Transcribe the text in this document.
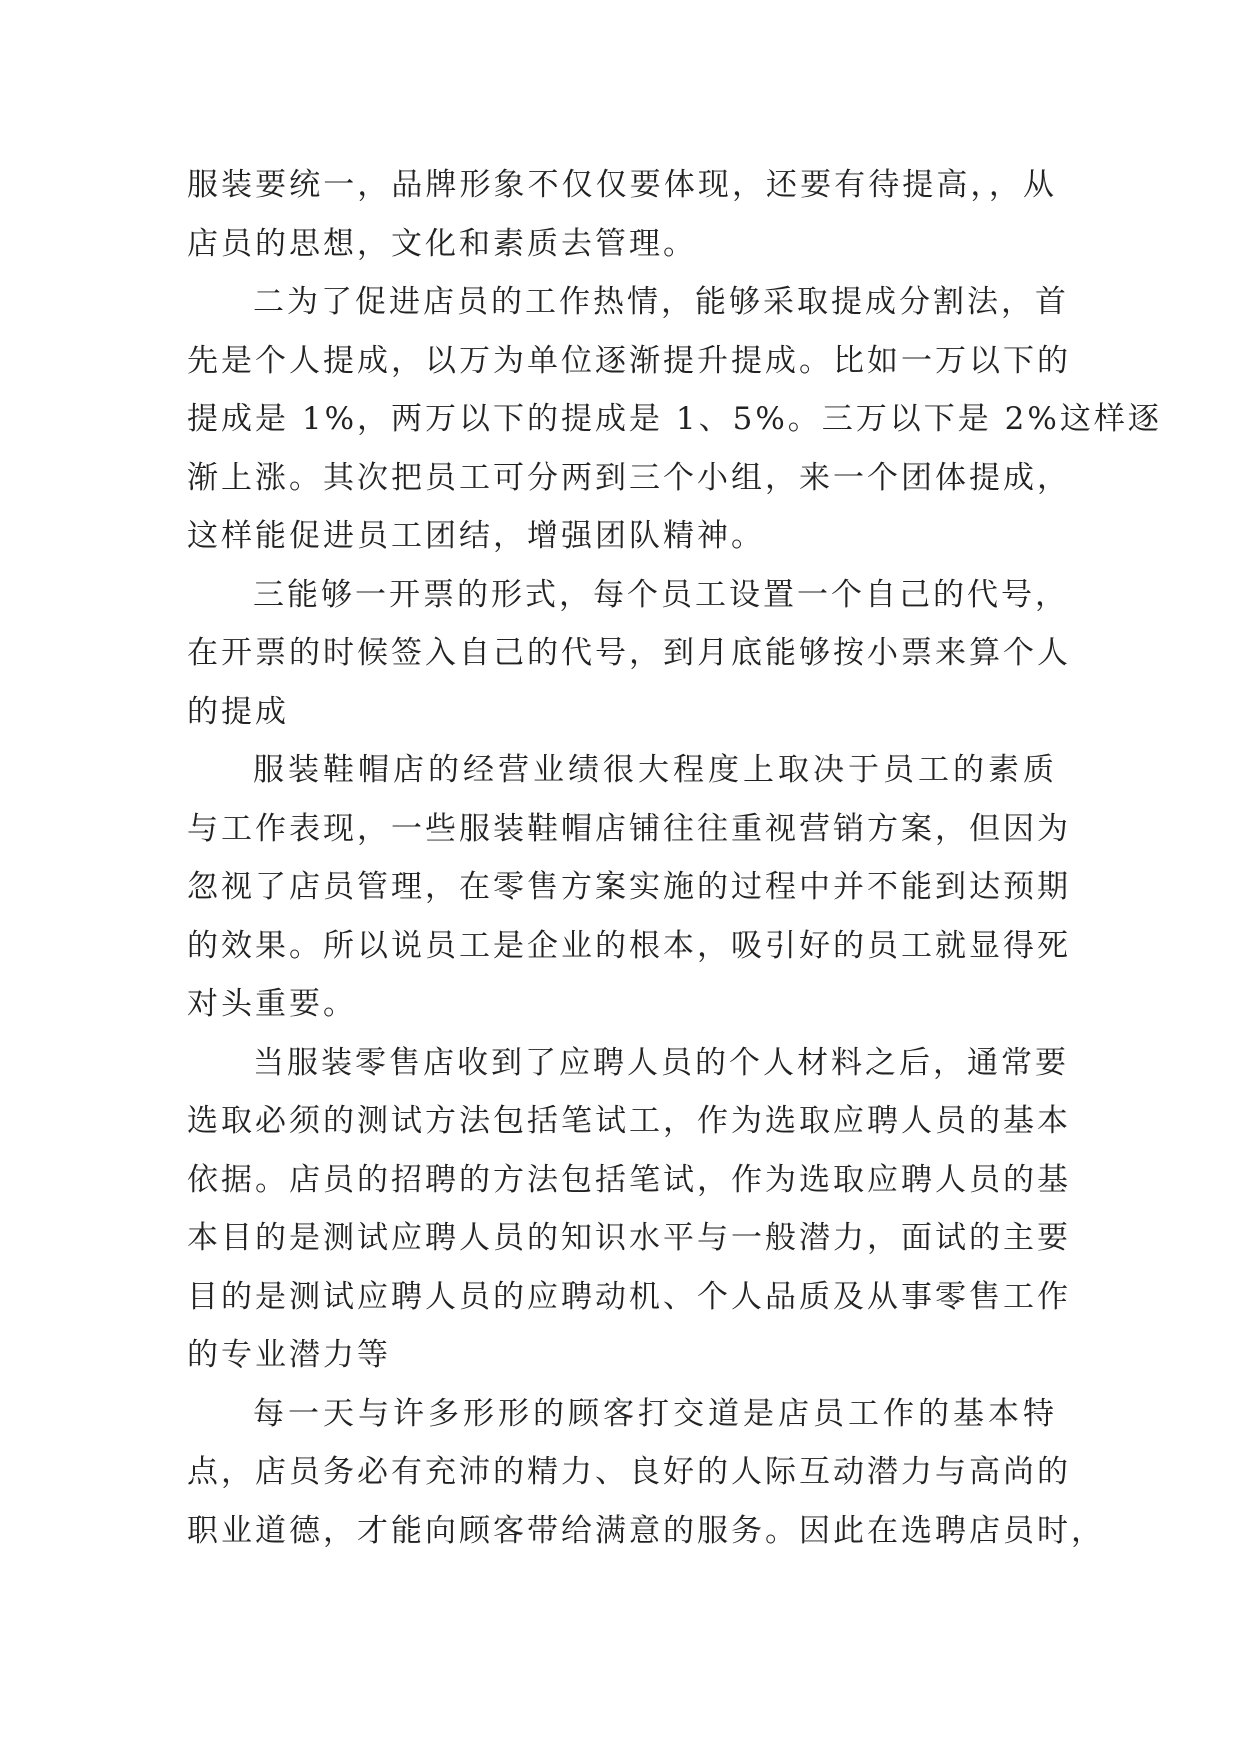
服装要统一，品牌形象不仅仅要体现，还要有待提高，，从
店员的思想，文化和素质去管理。
二为了促进店员的工作热情，能够采取提成分割法，首
先是个人提成，以万为单位逐渐提升提成。比如一万以下的
提成是 1%，两万以下的提成是 1、5%。三万以下是 2%这样逐
渐上涨。其次把员工可分两到三个小组，来一个团体提成，
这样能促进员工团结，增强团队精神。
三能够一开票的形式，每个员工设置一个自己的代号，
在开票的时候签入自己的代号，到月底能够按小票来算个人
的提成
服装鞋帽店的经营业绩很大程度上取决于员工的素质
与工作表现，一些服装鞋帽店铺往往重视营销方案，但因为
忽视了店员管理，在零售方案实施的过程中并不能到达预期
的效果。所以说员工是企业的根本，吸引好的员工就显得死
对头重要。
当服装零售店收到了应聘人员的个人材料之后，通常要
选取必须的测试方法包括笔试工，作为选取应聘人员的基本
依据。店员的招聘的方法包括笔试，作为选取应聘人员的基
本目的是测试应聘人员的知识水平与一般潜力，面试的主要
目的是测试应聘人员的应聘动机、个人品质及从事零售工作
的专业潜力等
每一天与许多形形的顾客打交道是店员工作的基本特
点，店员务必有充沛的精力、良好的人际互动潜力与高尚的
职业道德，才能向顾客带给满意的服务。因此在选聘店员时，
